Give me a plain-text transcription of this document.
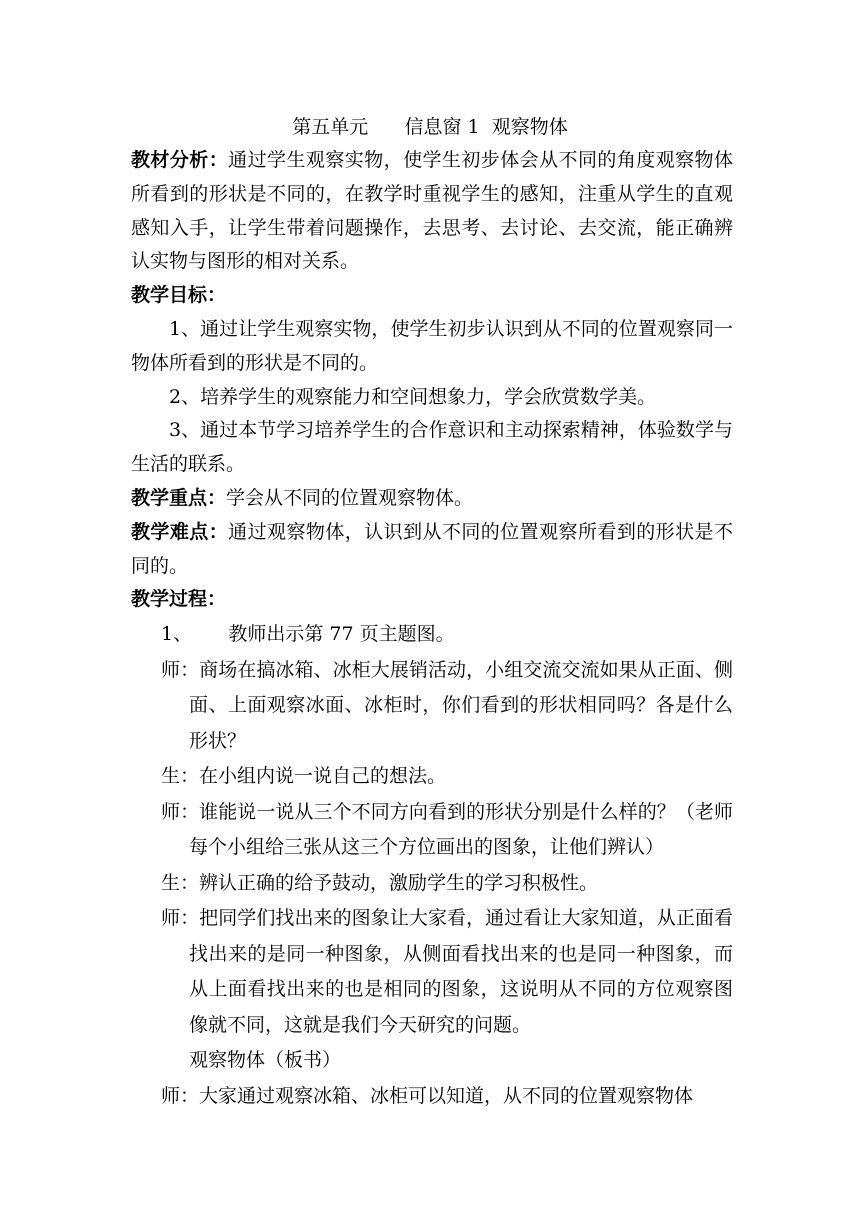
第五单元      信息窗 1  观察物体

教材分析：通过学生观察实物，使学生初步体会从不同的角度观察物体所看到的形状是不同的，在教学时重视学生的感知，注重从学生的直观感知入手，让学生带着问题操作，去思考、去讨论、去交流，能正确辨认实物与图形的相对关系。

教学目标：

1、通过让学生观察实物，使学生初步认识到从不同的位置观察同一物体所看到的形状是不同的。

2、培养学生的观察能力和空间想象力，学会欣赏数学美。

3、通过本节学习培养学生的合作意识和主动探索精神，体验数学与生活的联系。

教学重点：学会从不同的位置观察物体。

教学难点：通过观察物体，认识到从不同的位置观察所看到的形状是不同的。

教学过程：

1、      教师出示第 77 页主题图。

师：商场在搞冰箱、冰柜大展销活动，小组交流交流如果从正面、侧面、上面观察冰面、冰柜时，你们看到的形状相同吗？各是什么形状？

生：在小组内说一说自己的想法。

师：谁能说一说从三个不同方向看到的形状分别是什么样的？（老师每个小组给三张从这三个方位画出的图象，让他们辨认）

生：辨认正确的给予鼓动，激励学生的学习积极性。

师：把同学们找出来的图象让大家看，通过看让大家知道，从正面看找出来的是同一种图象，从侧面看找出来的也是同一种图象，而从上面看找出来的也是相同的图象，这说明从不同的方位观察图像就不同，这就是我们今天研究的问题。

观察物体（板书）

师：大家通过观察冰箱、冰柜可以知道，从不同的位置观察物体
